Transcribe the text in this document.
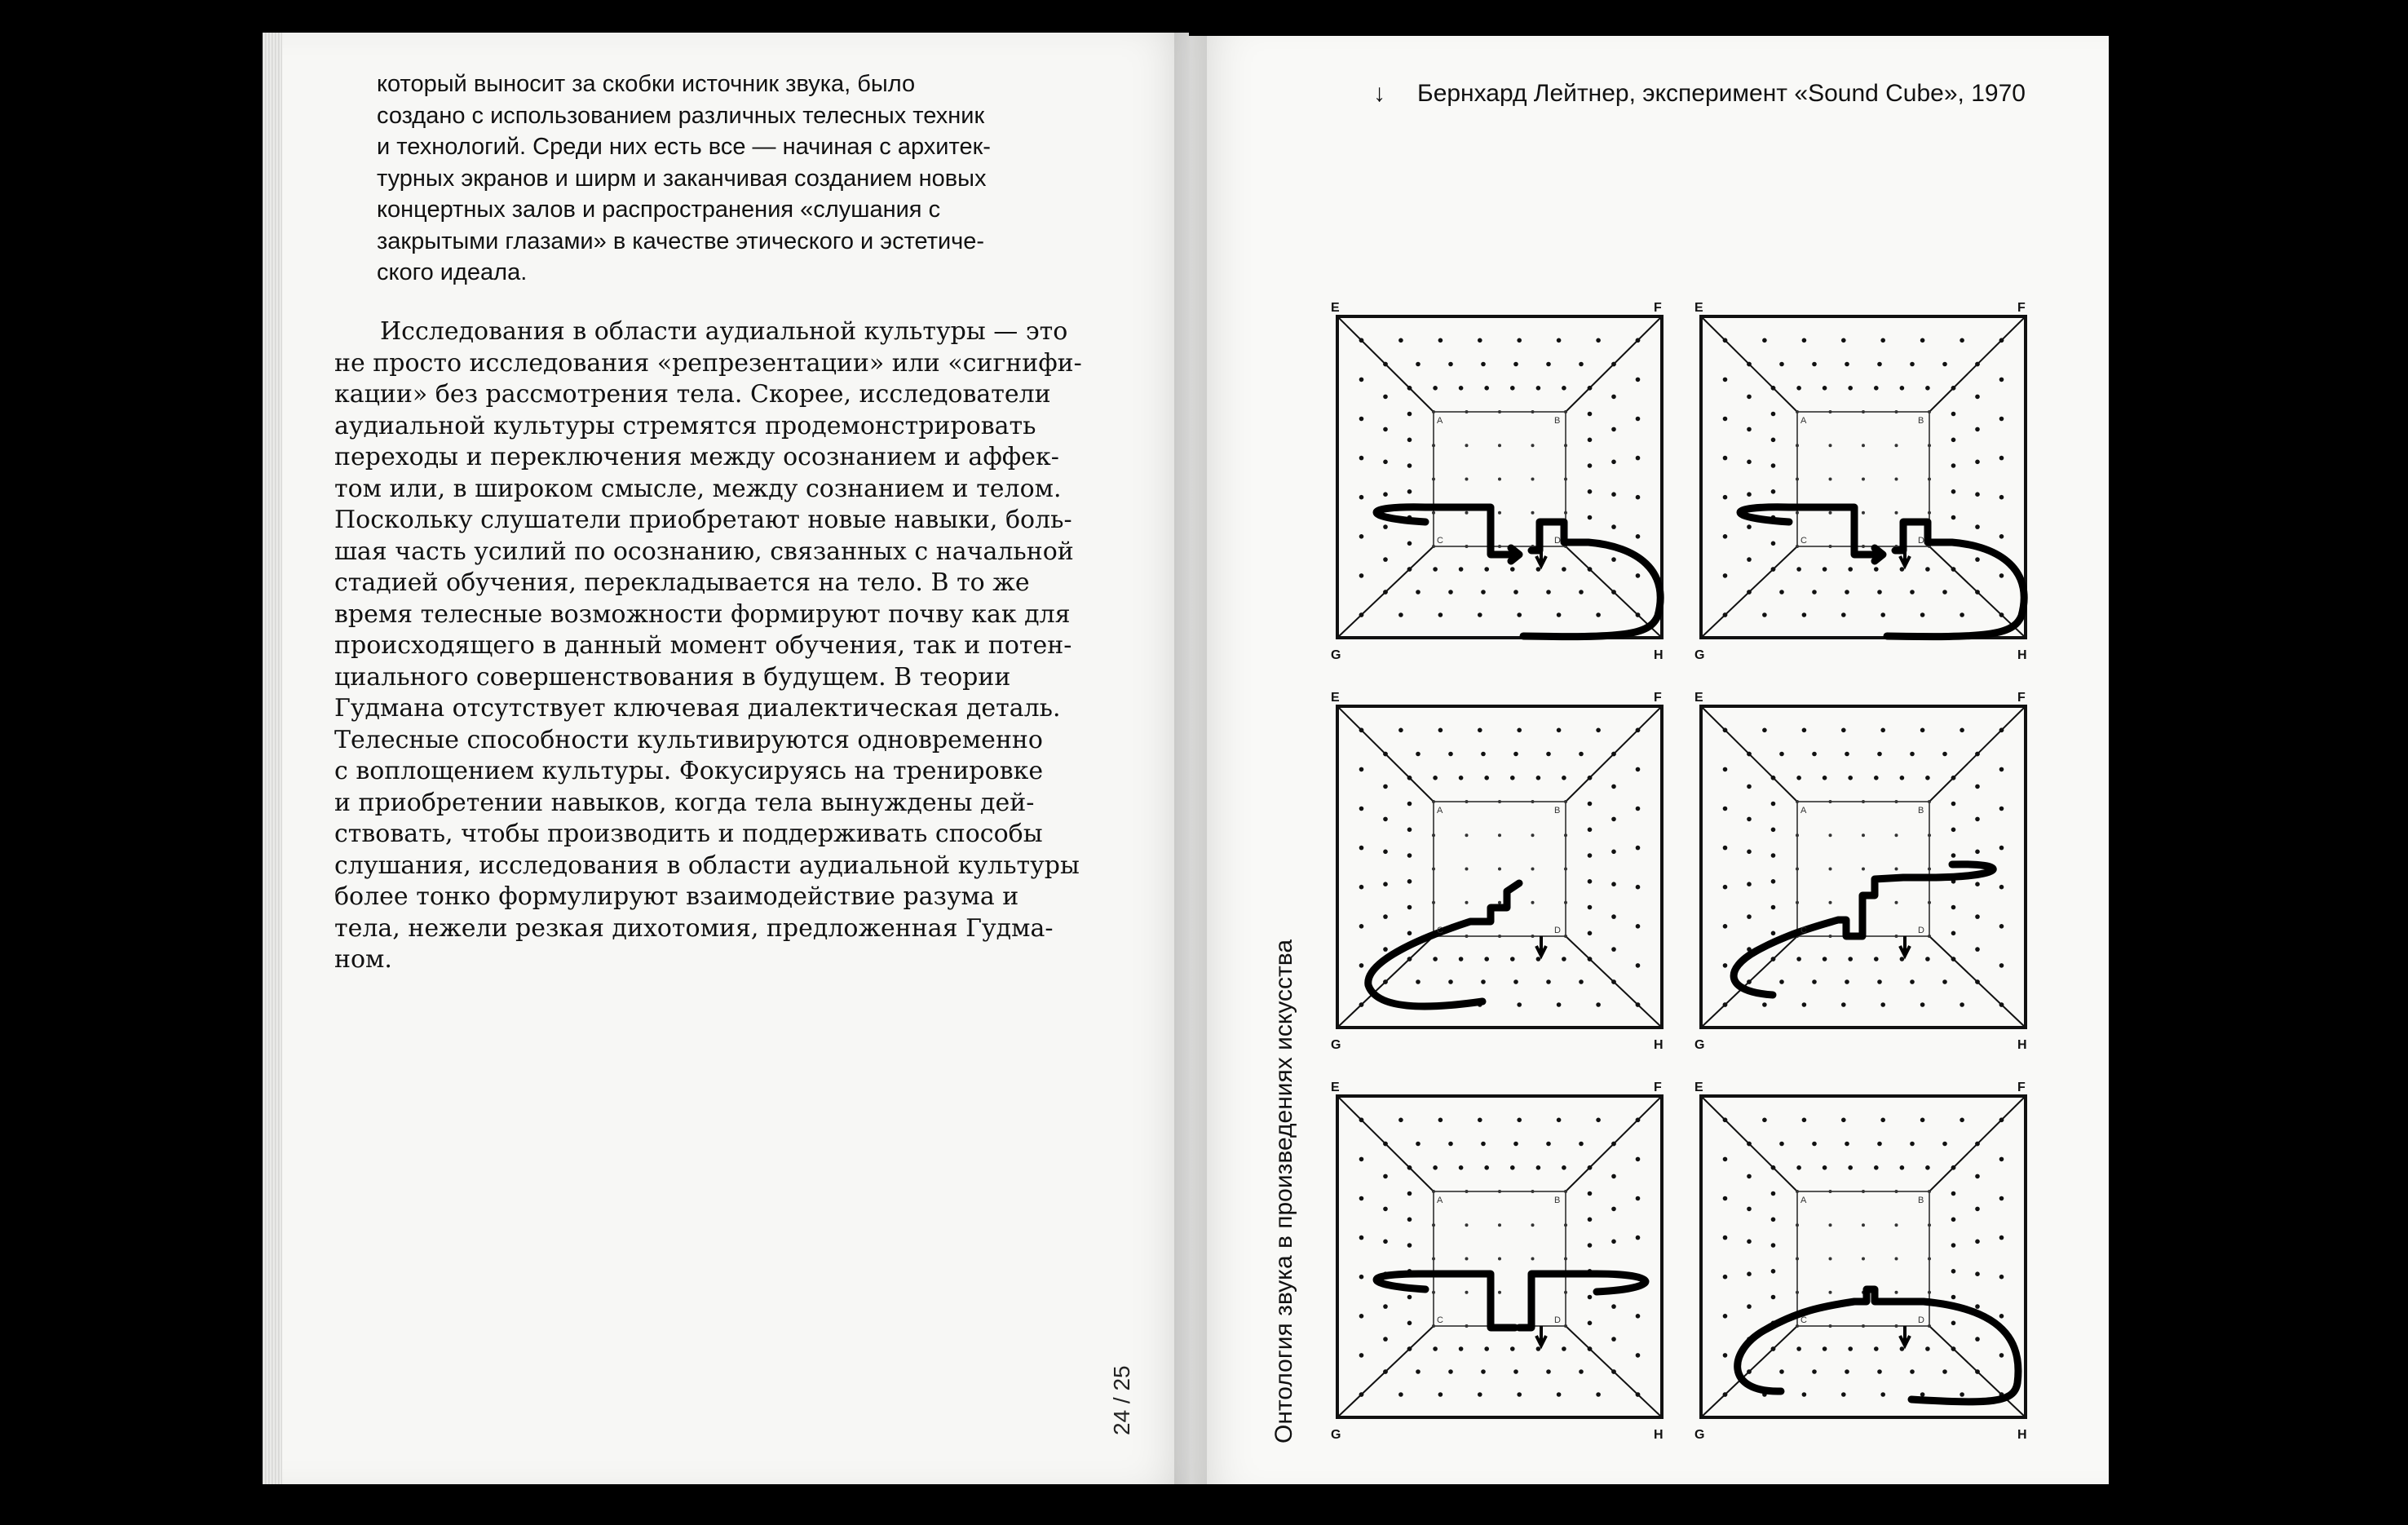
который выносит за скобки источник звука, было
создано с использованием различных телесных техник
и технологий. Среди них есть все — начиная с архитек-
турных экранов и ширм и заканчивая созданием новых
концертных залов и распространения «слушания с
закрытыми глазами» в качестве этического и эстетиче-
ского идеала.

Исследования в области аудиальной культуры — это
не просто исследования «репрезентации» или «сигнифи-
кации» без рассмотрения тела. Скорее, исследователи
аудиальной культуры стремятся продемонстрировать
переходы и переключения между осознанием и аффек-
том или, в широком смысле, между сознанием и телом.
Поскольку слушатели приобретают новые навыки, боль-
шая часть усилий по осознанию, связанных с начальной
стадией обучения, перекладывается на тело. В то же
время телесные возможности формируют почву как для
происходящего в данный момент обучения, так и потен-
циального совершенствования в будущем. В теории
Гудмана отсутствует ключевая диалектическая деталь.
Телесные способности культивируются одновременно
с воплощением культуры. Фокусируясь на тренировке
и приобретении навыков, когда тела вынуждены дей-
ствовать, чтобы производить и поддерживать способы
слушания, исследования в области аудиальной культуры
более тонко формулируют взаимодействие разума и
тела, нежели резкая дихотомия, предложенная Гудма-
ном.

24 / 25	Онтология звука в произведениях искусства
↓ Бернхард Лейтнер, эксперимент «Sound Cube», 1970
E	F
G	H
A	B
C	D
E	F
G	H
A	B
C	D
E	F
G	H
A	B
C	D
E	F
G	H
A	B
C	D
E	F
G	H
A	B
C	D
E	F
G	H
A	B
C	D
